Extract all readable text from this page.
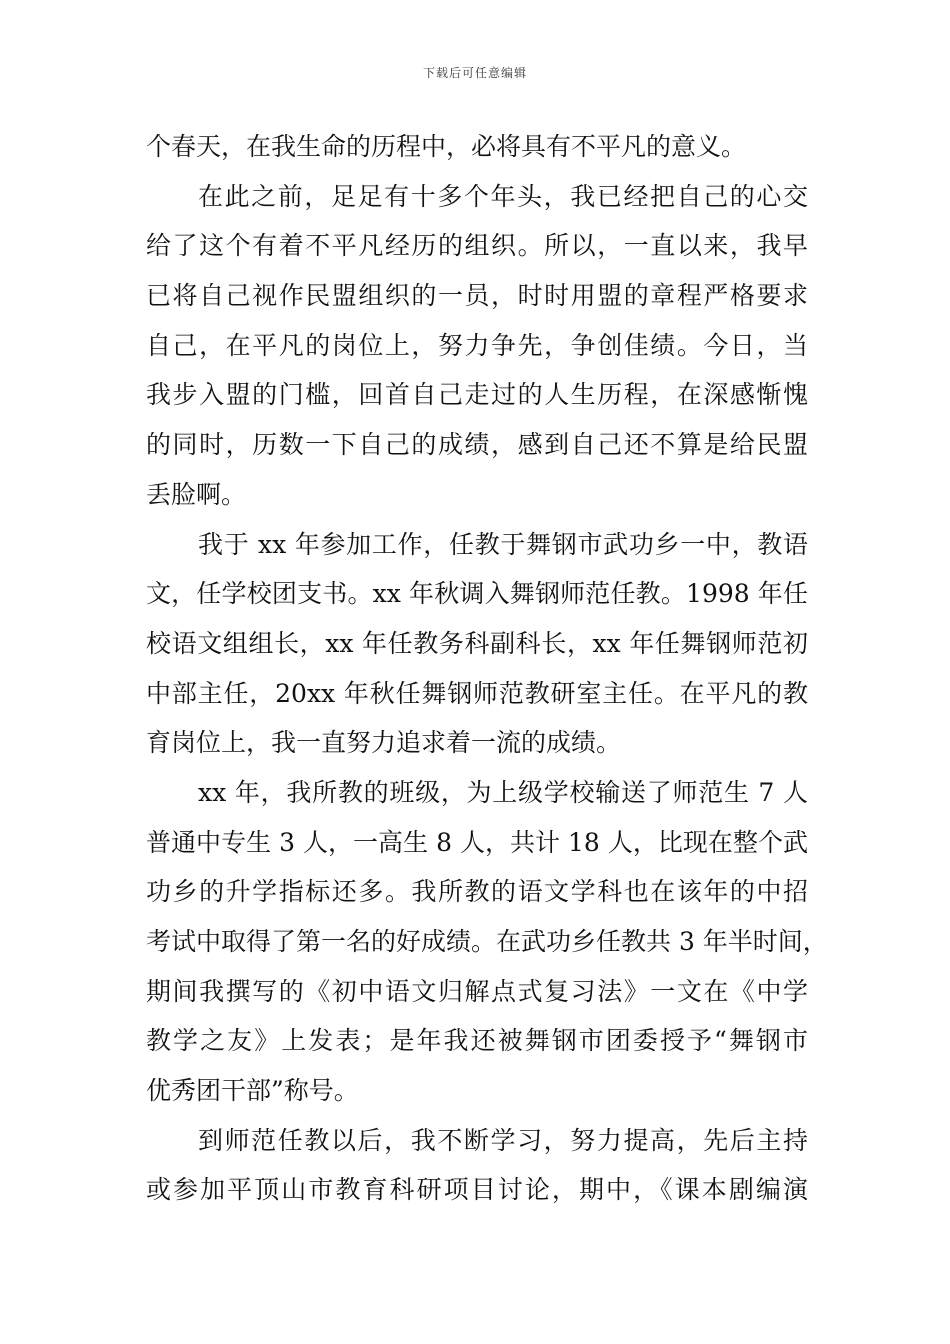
下载后可任意编辑
个春天，在我生命的历程中，必将具有不平凡的意义。
在此之前，足足有十多个年头，我已经把自己的心交
给了这个有着不平凡经历的组织。所以，一直以来，我早
已将自己视作民盟组织的一员，时时用盟的章程严格要求
自己，在平凡的岗位上，努力争先，争创佳绩。今日，当
我步入盟的门槛，回首自己走过的人生历程，在深感惭愧
的同时，历数一下自己的成绩，感到自己还不算是给民盟
丢脸啊。
我于 xx 年参加工作，任教于舞钢市武功乡一中，教语
文，任学校团支书。xx 年秋调入舞钢师范任教。1998 年任
校语文组组长，xx 年任教务科副科长，xx 年任舞钢师范初
中部主任，20xx 年秋任舞钢师范教研室主任。在平凡的教
育岗位上，我一直努力追求着一流的成绩。
xx 年，我所教的班级，为上级学校输送了师范生 7 人
普通中专生 3 人，一高生 8 人，共计 18 人，比现在整个武
功乡的升学指标还多。我所教的语文学科也在该年的中招
考试中取得了第一名的好成绩。在武功乡任教共 3 年半时间，
期间我撰写的《初中语文归解点式复习法》一文在《中学
教学之友》上发表；是年我还被舞钢市团委授予“舞钢市
优秀团干部”称号。
到师范任教以后，我不断学习，努力提高，先后主持
或参加平顶山市教育科研项目讨论，期中，《课本剧编演
